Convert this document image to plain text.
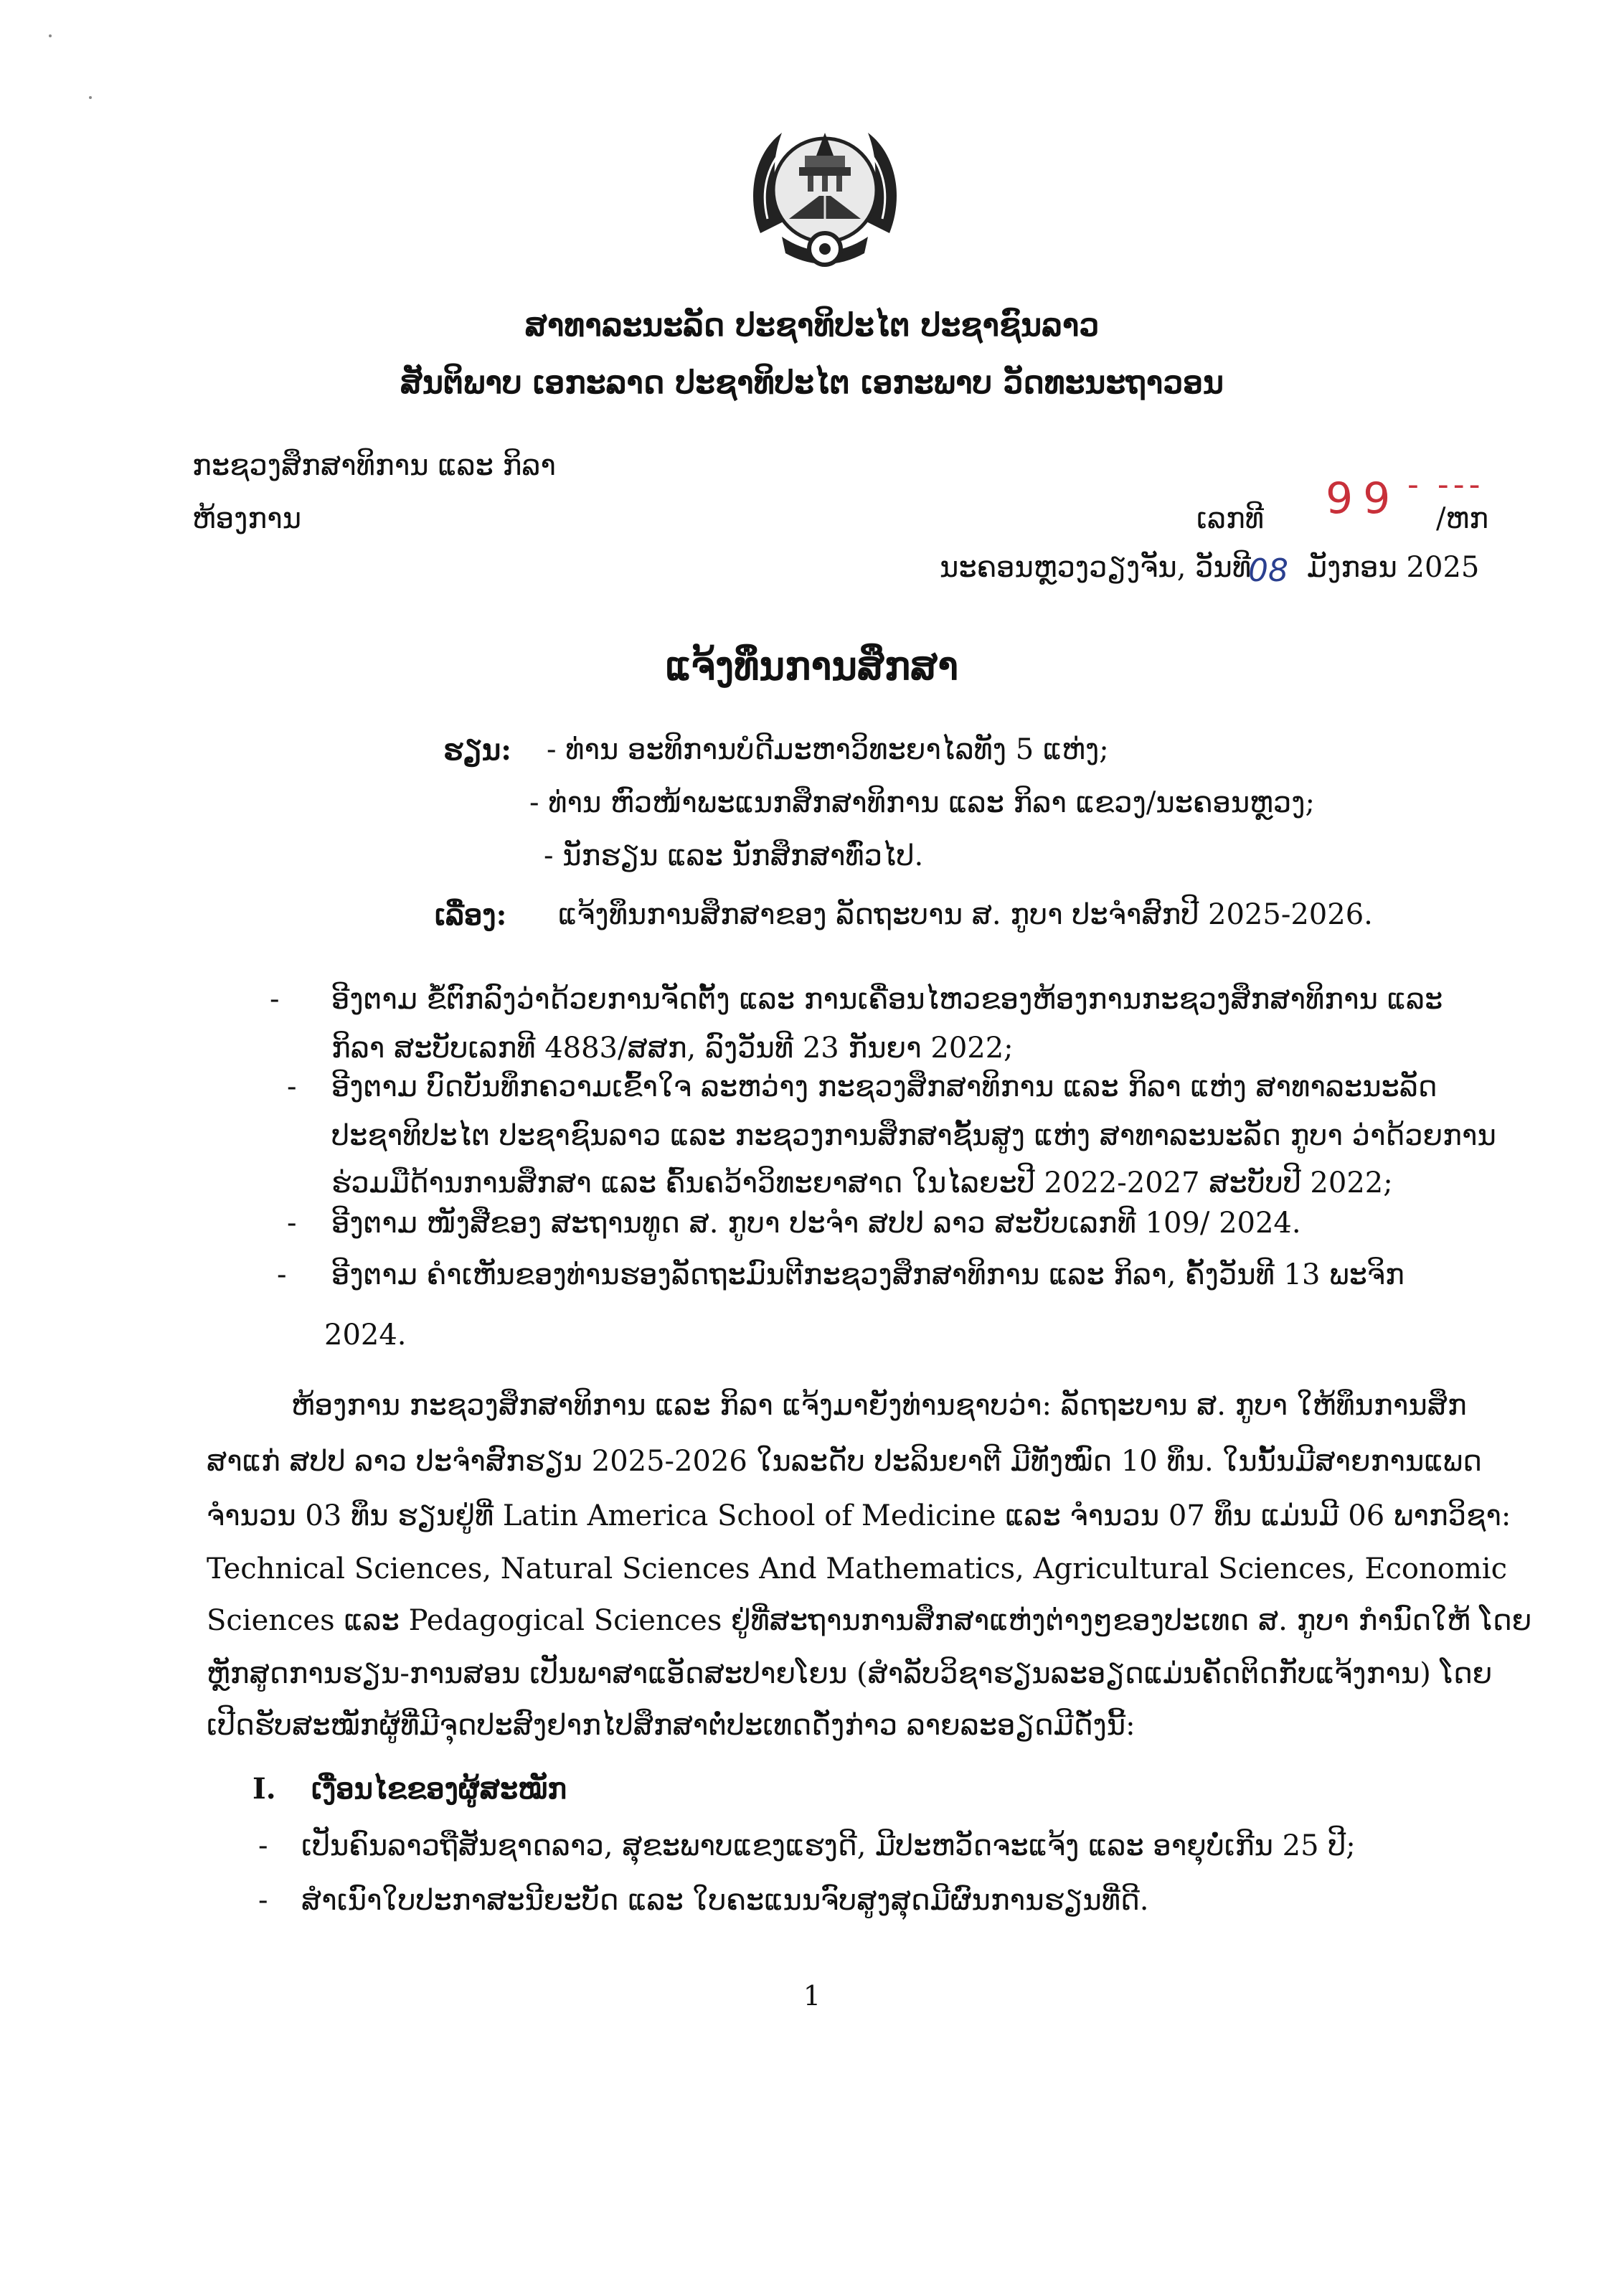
ສາທາລະນະລັດ ປະຊາທິປະໄຕ ປະຊາຊົນລາວ
ສັນຕິພາບ ເອກະລາດ ປະຊາທິປະໄຕ ເອກະພາບ ວັດທະນະຖາວອນ
ກະຊວງສຶກສາທິການ ແລະ ກິລາ
ຫ້ອງການ	ເລກທີ 99 - ---
/ຫກ
ນະຄອນຫຼວງວຽງຈັນ, ວັນທີ
08 ມັງກອນ 2025
ແຈ້ງທຶນການສຶກສາ
ຮຽນ: - ທ່ານ ອະທິການບໍດີມະຫາວິທະຍາໄລທັງ 5 ແຫ່ງ;
- ທ່ານ ຫົວໜ້າພະແນກສຶກສາທິການ ແລະ ກິລາ ແຂວງ/ນະຄອນຫຼວງ;
- ນັກຮຽນ ແລະ ນັກສຶກສາທົ່ວໄປ.
ເລື່ອງ: ແຈ້ງທຶນການສຶກສາຂອງ ລັດຖະບານ ສ. ກູບາ ປະຈຳສົກປີ 2025-2026.
- ອີງຕາມ ຂໍ້ຕົກລົງວ່າດ້ວຍການຈັດຕັ້ງ ແລະ ການເຄື່ອນໄຫວຂອງຫ້ອງການກະຊວງສຶກສາທິການ ແລະ
ກິລາ ສະບັບເລກທີ 4883/ສສກ, ລົງວັນທີ 23 ກັນຍາ 2022;
- ອີງຕາມ ບົດບັນທຶກຄວາມເຂົ້າໃຈ ລະຫວ່າງ ກະຊວງສຶກສາທິການ ແລະ ກິລາ ແຫ່ງ ສາທາລະນະລັດ
ປະຊາທິປະໄຕ ປະຊາຊົນລາວ ແລະ ກະຊວງການສຶກສາຊັ້ນສູງ ແຫ່ງ ສາທາລະນະລັດ ກູບາ ວ່າດ້ວຍການ
ຮ່ວມມືດ້ານການສຶກສາ ແລະ ຄົ້ນຄວ້າວິທະຍາສາດ ໃນໄລຍະປີ 2022-2027 ສະບັບປີ 2022;
- ອີງຕາມ ໜັງສືຂອງ ສະຖານທູດ ສ. ກູບາ ປະຈຳ ສປປ ລາວ ສະບັບເລກທີ 109/ 2024.
- ອີງຕາມ ຄຳເຫັນຂອງທ່ານຮອງລັດຖະມົນຕີກະຊວງສຶກສາທິການ ແລະ ກິລາ, ຄັ້ງວັນທີ 13 ພະຈິກ
2024.
ຫ້ອງການ ກະຊວງສຶກສາທິການ ແລະ ກິລາ ແຈ້ງມາຍັງທ່ານຊາບວ່າ: ລັດຖະບານ ສ. ກູບາ ໃຫ້ທຶນການສຶກ
ສາແກ່ ສປປ ລາວ ປະຈຳສົກຮຽນ 2025-2026 ໃນລະດັບ ປະລິນຍາຕີ ມີທັງໝົດ 10 ທຶນ. ໃນນັ້ນມີສາຍການແພດ
ຈຳນວນ 03 ທຶນ ຮຽນຢູ່ທີ່ Latin America School of Medicine ແລະ ຈຳນວນ 07 ທຶນ ແມ່ນມີ 06 ພາກວິຊາ:
Technical Sciences, Natural Sciences And Mathematics, Agricultural Sciences, Economic
Sciences ແລະ Pedagogical Sciences ຢູ່ທີ່ສະຖານການສຶກສາແຫ່ງຕ່າງໆຂອງປະເທດ ສ. ກູບາ ກຳນົດໃຫ້ ໂດຍ
ຫຼັກສູດການຮຽນ-ການສອນ ເປັນພາສາແອັດສະປາຍໂຍນ (ສຳລັບວິຊາຮຽນລະອຽດແມ່ນຄັດຕິດກັບແຈ້ງການ) ໂດຍ
ເປີດຮັບສະໝັກຜູ້ທີ່ມີຈຸດປະສົງຢາກໄປສຶກສາຕໍ່ປະເທດດັ່ງກ່າວ ລາຍລະອຽດມີດັ່ງນີ້:
I. ເງື່ອນໄຂຂອງຜູ້ສະໝັກ
- ເປັນຄົນລາວຖືສັນຊາດລາວ, ສຸຂະພາບແຂງແຮງດີ, ມີປະຫວັດຈະແຈ້ງ ແລະ ອາຍຸບໍ່ເກີນ 25 ປີ;
- ສຳເນົາໃບປະກາສະນີຍະບັດ ແລະ ໃບຄະແນນຈົບສູງສຸດມີຜົນການຮຽນທີ່ດີ.
1
